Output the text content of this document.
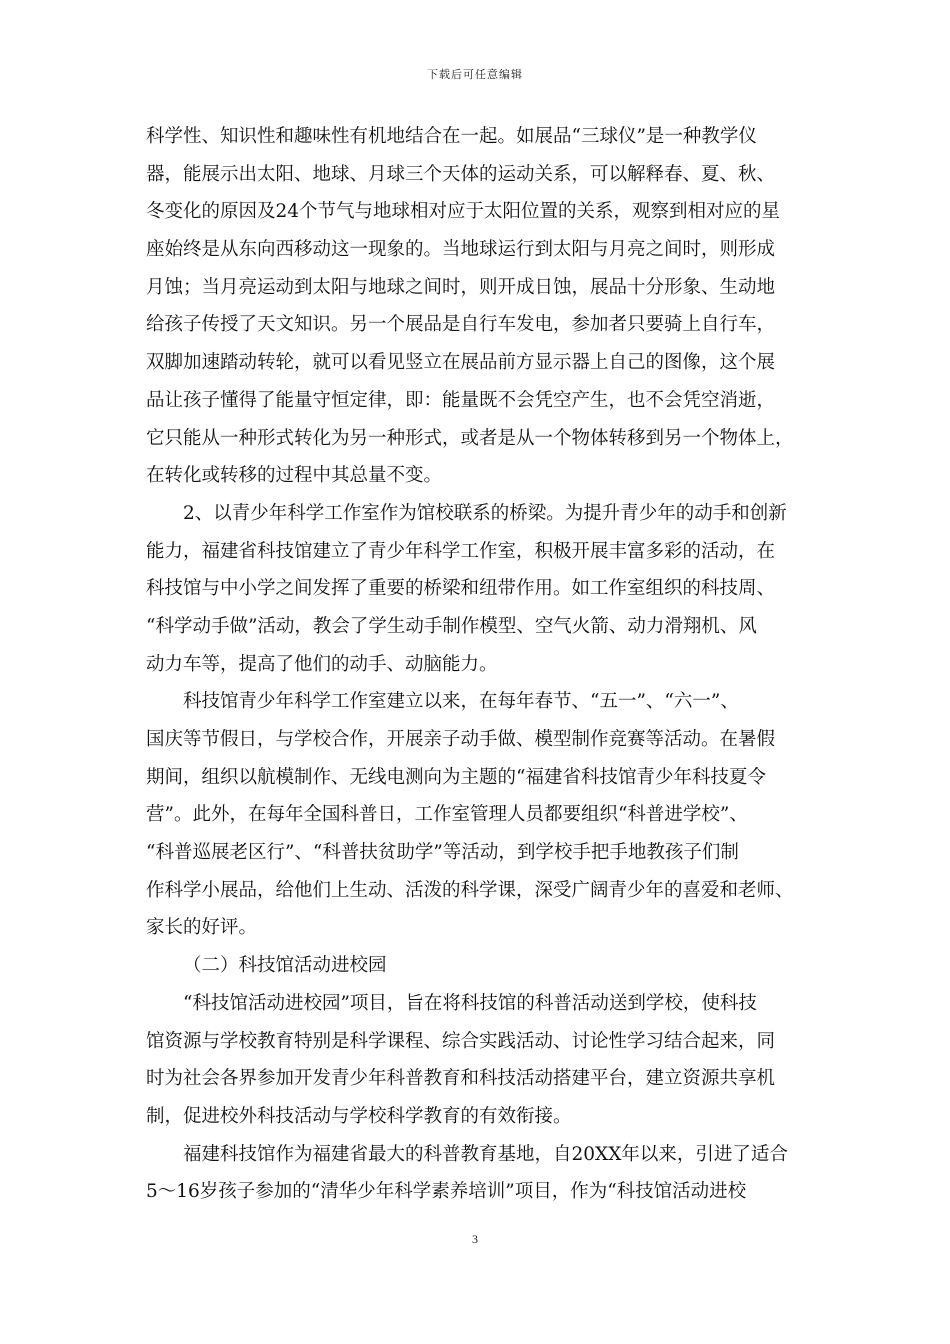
下载后可任意编辑
科学性、知识性和趣味性有机地结合在一起。如展品“三球仪”是一种教学仪
器，能展示出太阳、地球、月球三个天体的运动关系，可以解释春、夏、秋、
冬变化的原因及24个节气与地球相对应于太阳位置的关系，观察到相对应的星
座始终是从东向西移动这一现象的。当地球运行到太阳与月亮之间时，则形成
月蚀；当月亮运动到太阳与地球之间时，则开成日蚀，展品十分形象、生动地
给孩子传授了天文知识。另一个展品是自行车发电，参加者只要骑上自行车，
双脚加速踏动转轮，就可以看见竖立在展品前方显示器上自己的图像，这个展
品让孩子懂得了能量守恒定律，即：能量既不会凭空产生，也不会凭空消逝，
它只能从一种形式转化为另一种形式，或者是从一个物体转移到另一个物体上，
在转化或转移的过程中其总量不变。
2、以青少年科学工作室作为馆校联系的桥梁。为提升青少年的动手和创新
能力，福建省科技馆建立了青少年科学工作室，积极开展丰富多彩的活动，在
科技馆与中小学之间发挥了重要的桥梁和纽带作用。如工作室组织的科技周、
“科学动手做”活动，教会了学生动手制作模型、空气火箭、动力滑翔机、风
动力车等，提高了他们的动手、动脑能力。
科技馆青少年科学工作室建立以来，在每年春节、“五一”、“六一”、
国庆等节假日，与学校合作，开展亲子动手做、模型制作竞赛等活动。在暑假
期间，组织以航模制作、无线电测向为主题的“福建省科技馆青少年科技夏令
营”。此外，在每年全国科普日，工作室管理人员都要组织“科普进学校”、
“科普巡展老区行”、“科普扶贫助学”等活动，到学校手把手地教孩子们制
作科学小展品，给他们上生动、活泼的科学课，深受广阔青少年的喜爱和老师、
家长的好评。
（二）科技馆活动进校园
“科技馆活动进校园”项目，旨在将科技馆的科普活动送到学校，使科技
馆资源与学校教育特别是科学课程、综合实践活动、讨论性学习结合起来，同
时为社会各界参加开发青少年科普教育和科技活动搭建平台，建立资源共享机
制，促进校外科技活动与学校科学教育的有效衔接。
福建科技馆作为福建省最大的科普教育基地，自20XX年以来，引进了适合
5～16岁孩子参加的“清华少年科学素养培训”项目，作为“科技馆活动进校
3
